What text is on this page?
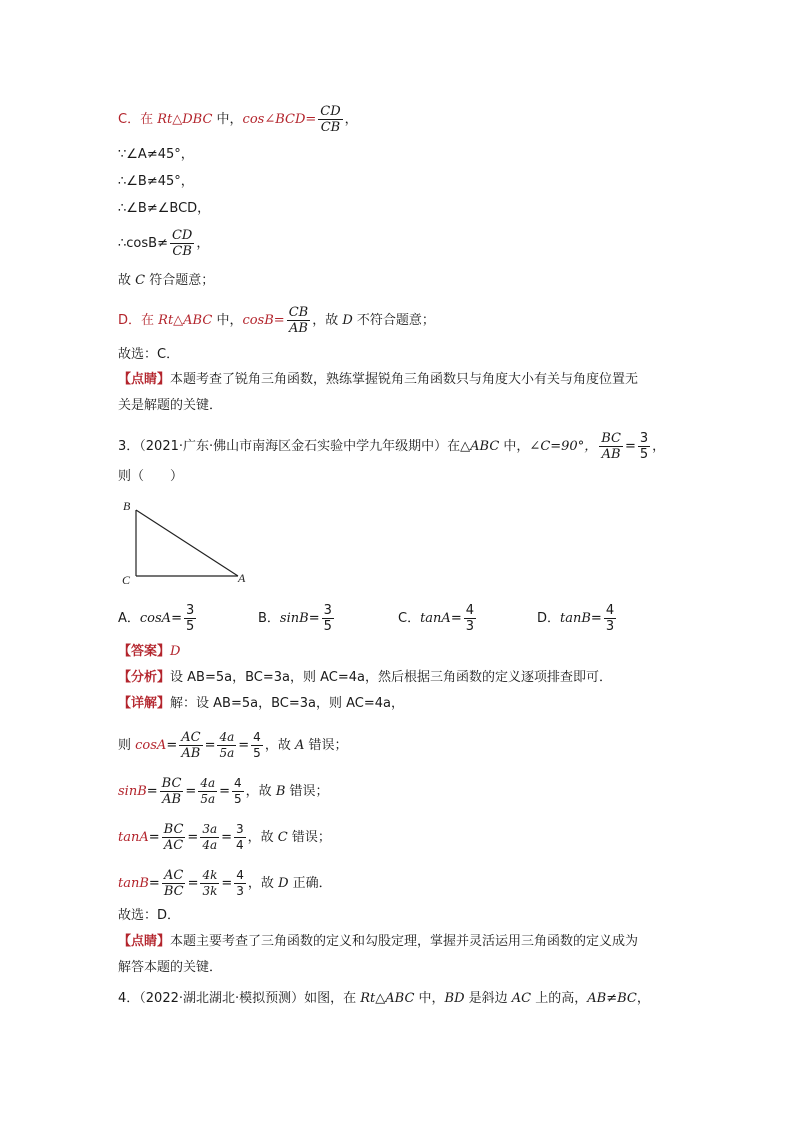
C．在 Rt△DBC 中，cos∠BCD= $\frac{CD}{CB}$ ，
∵∠A≠45°，
∴∠B≠45°，
∴∠B≠∠BCD，
∴cosB≠ $\frac{CD}{CB}$ ，
故 C 符合题意；
D．在 Rt△ABC 中，$\cos B= \frac{CB}{AB}$ ，故 D 不符合题意；
故选：C．
【点睛】本题考查了锐角三角函数，熟练掌握锐角三角函数只与角度大小有关与角度位置无
关是解题的关键．
3．（2021·广东·佛山市南海区金石实验中学九年级期中）在△ABC 中，∠C=90°， $\frac{BC}{AB} = \frac{3}{5}$ ，
则（　　）
B
C	A
A．$\cos A= \frac{3}{5}$	B．$\sin B= \frac{3}{5}$	C．$\tan A= \frac{4}{3}$	D．$\tan B= \frac{4}{3}$
【答案】D
【分析】设 AB=5a，BC=3a，则 AC=4a，然后根据三角函数的定义逐项排查即可．
【详解】解：设 AB=5a，BC=3a，则 AC=4a，
则 $\cos A= \frac{AC}{AB} = \frac{4a}{5a} = \frac{4}{5}$ ，故 A 错误；
$\sin B= \frac{BC}{AB} = \frac{4a}{5a} = \frac{4}{5}$ ，故 B 错误；
$\tan A= \frac{BC}{AC} = \frac{3a}{4a} = \frac{3}{4}$ ，故 C 错误；
$\tan B= \frac{AC}{BC} = \frac{4k}{3k} = \frac{4}{3}$ ，故 D 正确．
故选：D．
【点睛】本题主要考查了三角函数的定义和勾股定理，掌握并灵活运用三角函数的定义成为
解答本题的关键．
4．（2022·湖北湖北·模拟预测）如图，在 Rt△ABC 中，BD 是斜边 AC 上的高，AB≠BC，
